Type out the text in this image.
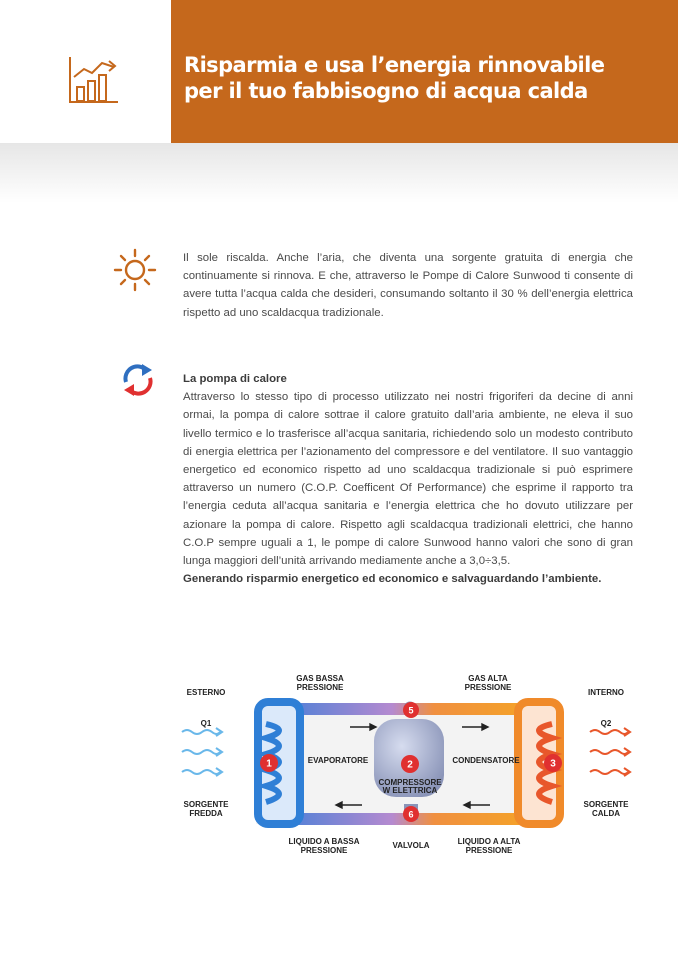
Risparmia e usa l’energia rinnovabile
per il tuo fabbisogno di acqua calda
Il sole riscalda. Anche l’aria, che diventa una sorgente gratuita di energia che continuamente si rinnova. E che, attraverso le Pompe di Calore Sunwood ti consente di avere tutta l’acqua calda che desideri, consumando soltanto il 30 % dell’energia elettrica rispetto ad uno scaldacqua tradizionale.
La pompa di calore
Attraverso lo stesso tipo di processo utilizzato nei nostri frigoriferi da decine di anni ormai, la pompa di calore sottrae il calore gratuito dall’aria ambiente, ne eleva il suo livello termico e lo trasferisce all’acqua sanitaria, richiedendo solo un modesto contributo di energia elettrica per l’azionamento del compressore e del ventilatore. Il suo vantaggio energetico ed economico rispetto ad uno scaldacqua tradizionale si può esprimere attraverso un numero (C.O.P. Coefficent Of Performance) che esprime il rapporto tra l’energia ceduta all’acqua sanitaria e l’energia elettrica che ho dovuto utilizzare per azionare la pompa di calore. Rispetto agli scaldacqua tradizionali elettrici, che hanno C.O.P sempre uguali a 1, le pompe di calore Sunwood hanno valori che sono di gran lunga maggiori dell’unità arrivando mediamente anche a 3,0÷3,5.
Generando risparmio energetico ed economico e salvaguardando l’ambiente.
1	2	3
5
6
ESTERNO	INTERNO
Q1	Q2
SORGENTE
FREDDA
SORGENTE
CALDA
GAS BASSA
PRESSIONE
GAS ALTA
PRESSIONE
EVAPORATORE	CONDENSATORE
COMPRESSORE
W ELETTRICA
LIQUIDO A BASSA
PRESSIONE
VALVOLA	LIQUIDO A ALTA
PRESSIONE
